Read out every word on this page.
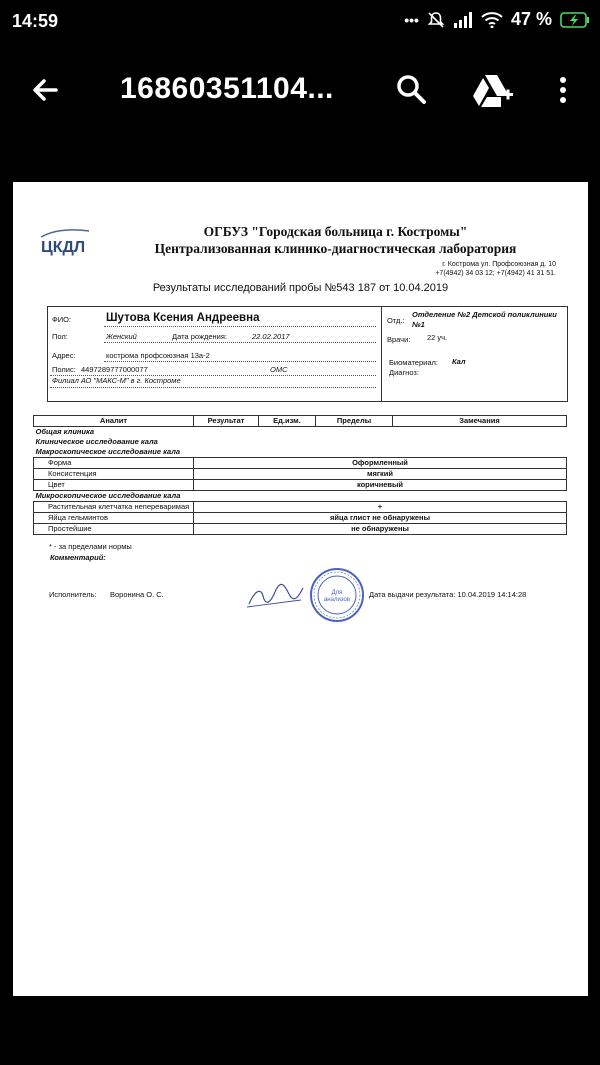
14:59	•••	47 %
16860351104...
ЦКДЛ
ОГБУЗ "Городская больница г. Костромы"
Централизованная клинико-диагностическая лаборатория
г. Кострома ул. Профсоюзная д. 10
+7(4942) 34 03 12; +7(4942) 41 31 51.
Результаты исследований пробы №543 187 от 10.04.2019
ФИО:	Шутова Ксения Андреевна
Пол:	Женский	Дата рождения:	22.02.2017
Адрес:	кострома профсоюзная 13а-2
Полис: 4497289777000077	ОМС
Филиал АО "МАКС-М" в г. Костроме
Отд.:
Отделение №2 Детской поликлиники №1
Врачи: 22 уч.
Биоматериал: Кал
Диагноз:
Аналит	Результат	Ед.изм.	Пределы	Замечания
Общая клиника				
Клиническое исследование кала				
Макроскопическое исследование кала				
Форма	Оформленный			
Консистенция	мягкий			
Цвет	коричневый			
Микроскопическое исследование кала				
Растительная клетчатка непереваримая	+			
Яйца гельминтов	яйца глист не обнаружены			
Простейшие	не обнаружены			
* - за пределами нормы
Комментарий:
Исполнитель: Воронина О. С.	Для
анализов
Дата выдачи результата: 10.04.2019 14:14:28
